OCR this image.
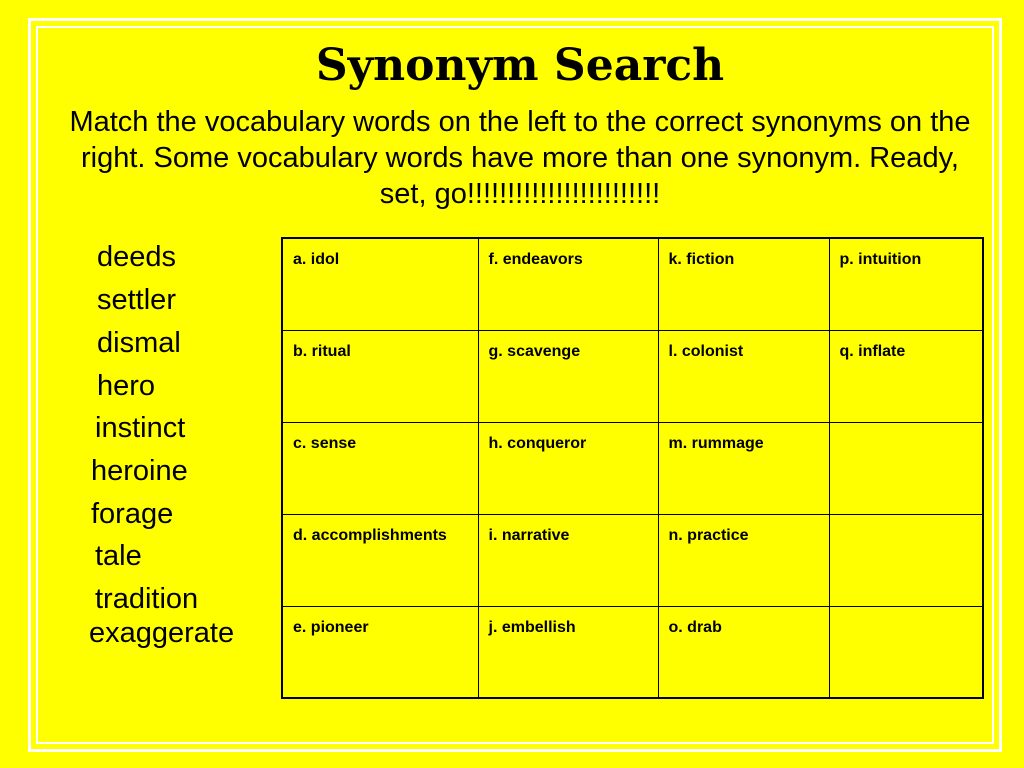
Synonym Search

Match the vocabulary words on the left to the correct synonyms on the right. Some vocabulary words have more than one synonym. Ready, set, go!!!!!!!!!!!!!!!!!!!!!!!!

deeds
settler
dismal
hero
instinct
heroine
forage
tale
tradition
exaggerate
a. idol	f. endeavors	k. fiction	p. intuition
b. ritual	g. scavenge	l. colonist	q. inflate
c. sense	h. conqueror	m. rummage	
d. accomplishments	i. narrative	n. practice	
e. pioneer	j. embellish	o. drab	
